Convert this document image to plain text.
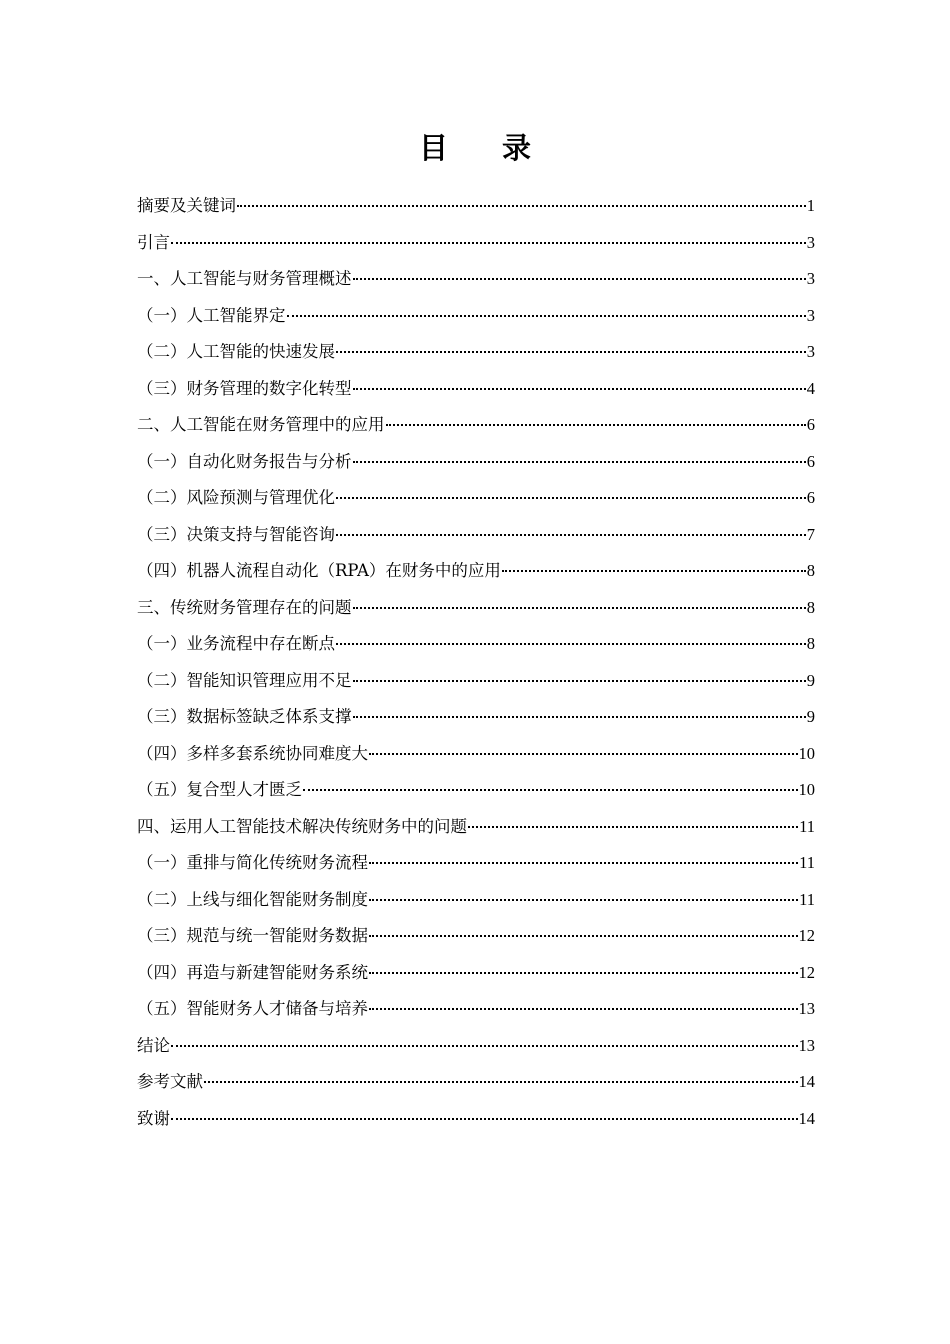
目 录
摘要及关键词	1
引言	3
一、人工智能与财务管理概述	3
（一）人工智能界定	3
（二）人工智能的快速发展	3
（三）财务管理的数字化转型	4
二、人工智能在财务管理中的应用	6
（一）自动化财务报告与分析	6
（二）风险预测与管理优化	6
（三）决策支持与智能咨询	7
（四）机器人流程自动化（RPA）在财务中的应用	8
三、传统财务管理存在的问题	8
（一）业务流程中存在断点	8
（二）智能知识管理应用不足	9
（三）数据标签缺乏体系支撑	9
（四）多样多套系统协同难度大	10
（五）复合型人才匮乏	10
四、运用人工智能技术解决传统财务中的问题	11
（一）重排与简化传统财务流程	11
（二）上线与细化智能财务制度	11
（三）规范与统一智能财务数据	12
（四）再造与新建智能财务系统	12
（五）智能财务人才储备与培养	13
结论	13
参考文献	14
致谢	14
